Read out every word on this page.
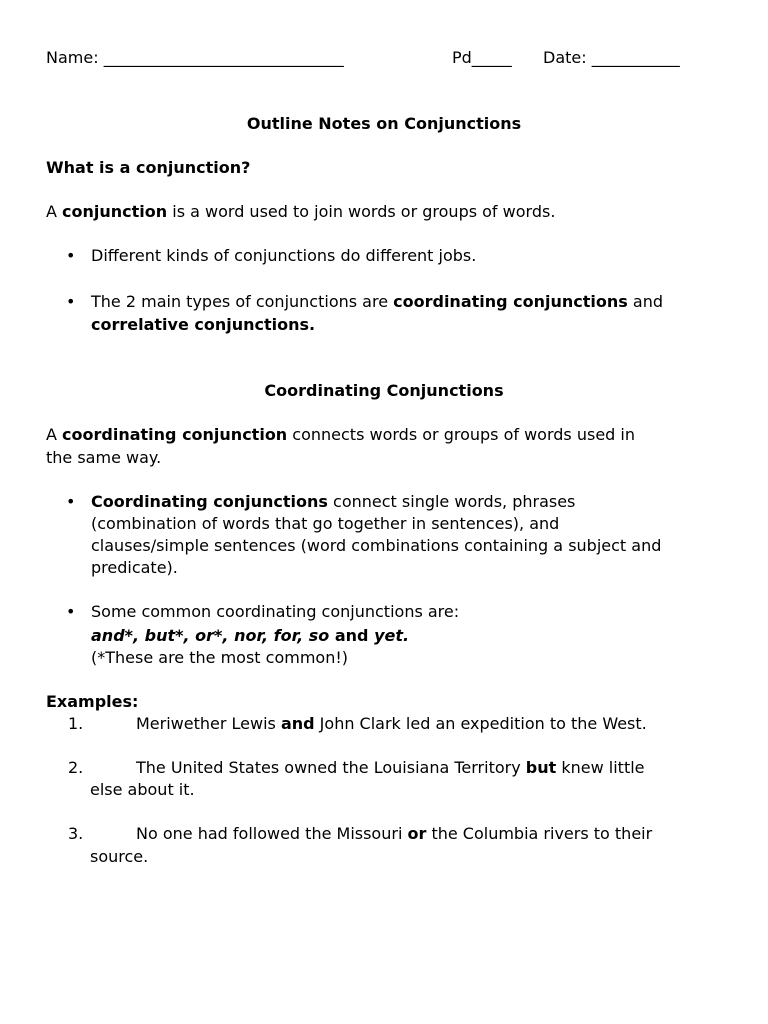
Name: ______________________________	Pd_____ Date: ___________
Outline Notes on Conjunctions
What is a conjunction?
A conjunction is a word used to join words or groups of words.
• Different kinds of conjunctions do different jobs.
• The 2 main types of conjunctions are coordinating conjunctions and
correlative conjunctions.
Coordinating Conjunctions
A coordinating conjunction connects words or groups of words used in
the same way.
• Coordinating conjunctions connect single words, phrases
(combination of words that go together in sentences), and
clauses/simple sentences (word combinations containing a subject and
predicate).
• Some common coordinating conjunctions are:
and*, but*, or*, nor, for, so and yet.
(*These are the most common!)
Examples:
1.	Meriwether Lewis and John Clark led an expedition to the West.
2.	The United States owned the Louisiana Territory but knew little
else about it.
3.	No one had followed the Missouri or the Columbia rivers to their
source.
